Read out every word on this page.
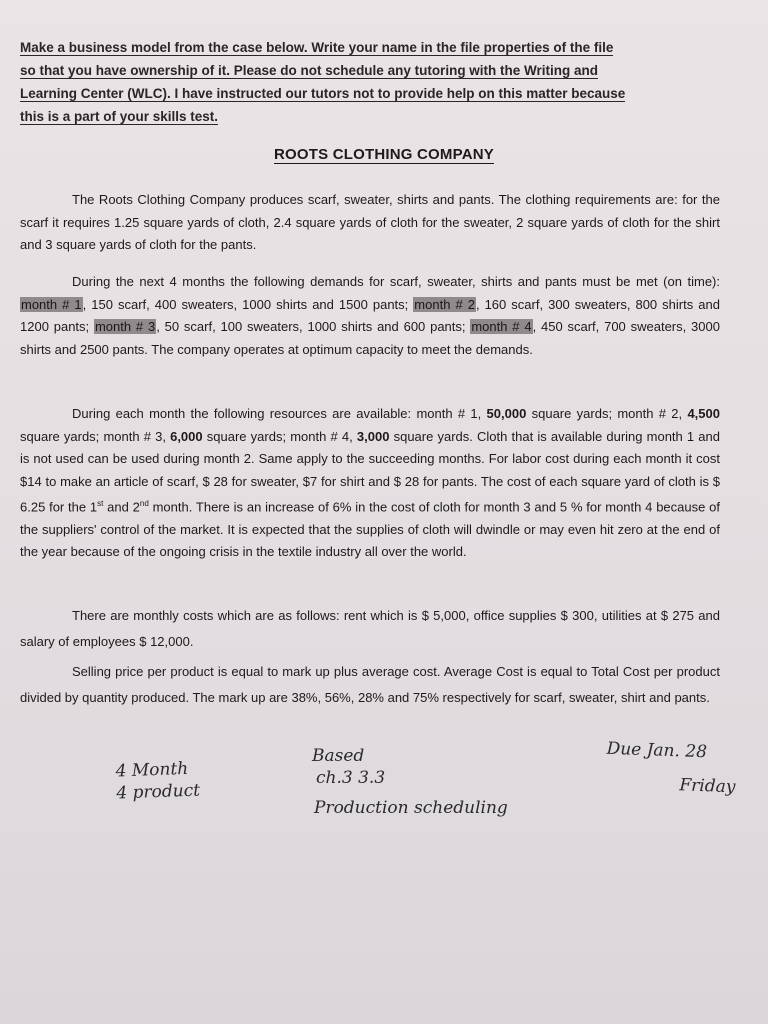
Make a business model from the case below. Write your name in the file properties of the file
so that you have ownership of it. Please do not schedule any tutoring with the Writing and
Learning Center (WLC). I have instructed our tutors not to provide help on this matter because
this is a part of your skills test.
ROOTS CLOTHING COMPANY

The Roots Clothing Company produces scarf, sweater, shirts and pants. The clothing requirements are: for the scarf it requires 1.25 square yards of cloth, 2.4 square yards of cloth for the sweater, 2 square yards of cloth for the shirt and 3 square yards of cloth for the pants.

During the next 4 months the following demands for scarf, sweater, shirts and pants must be met (on time): month # 1, 150 scarf, 400 sweaters, 1000 shirts and 1500 pants; month # 2, 160 scarf, 300 sweaters, 800 shirts and 1200 pants; month # 3, 50 scarf, 100 sweaters, 1000 shirts and 600 pants; month # 4, 450 scarf, 700 sweaters, 3000 shirts and 2500 pants. The company operates at optimum capacity to meet the demands.

During each month the following resources are available: month # 1, 50,000 square yards; month # 2, 4,500 square yards; month # 3, 6,000 square yards; month # 4, 3,000 square yards. Cloth that is available during month 1 and is not used can be used during month 2. Same apply to the succeeding months. For labor cost during each month it cost $14 to make an article of scarf, $ 28 for sweater, $7 for shirt and $ 28 for pants. The cost of each square yard of cloth is $ 6.25 for the 1st and 2nd month. There is an increase of 6% in the cost of cloth for month 3 and 5 % for month 4 because of the suppliers' control of the market. It is expected that the supplies of cloth will dwindle or may even hit zero at the end of the year because of the ongoing crisis in the textile industry all over the world.

There are monthly costs which are as follows: rent which is $ 5,000, office supplies $ 300, utilities at $ 275 and salary of employees $ 12,000.

Selling price per product is equal to mark up plus average cost. Average Cost is equal to Total Cost per product divided by quantity produced. The mark up are 38%, 56%, 28% and 75% respectively for scarf, sweater, shirt and pants.

4 Month
4 product
Based
ch.3 3.3
Production scheduling
Due Jan. 28
Friday
